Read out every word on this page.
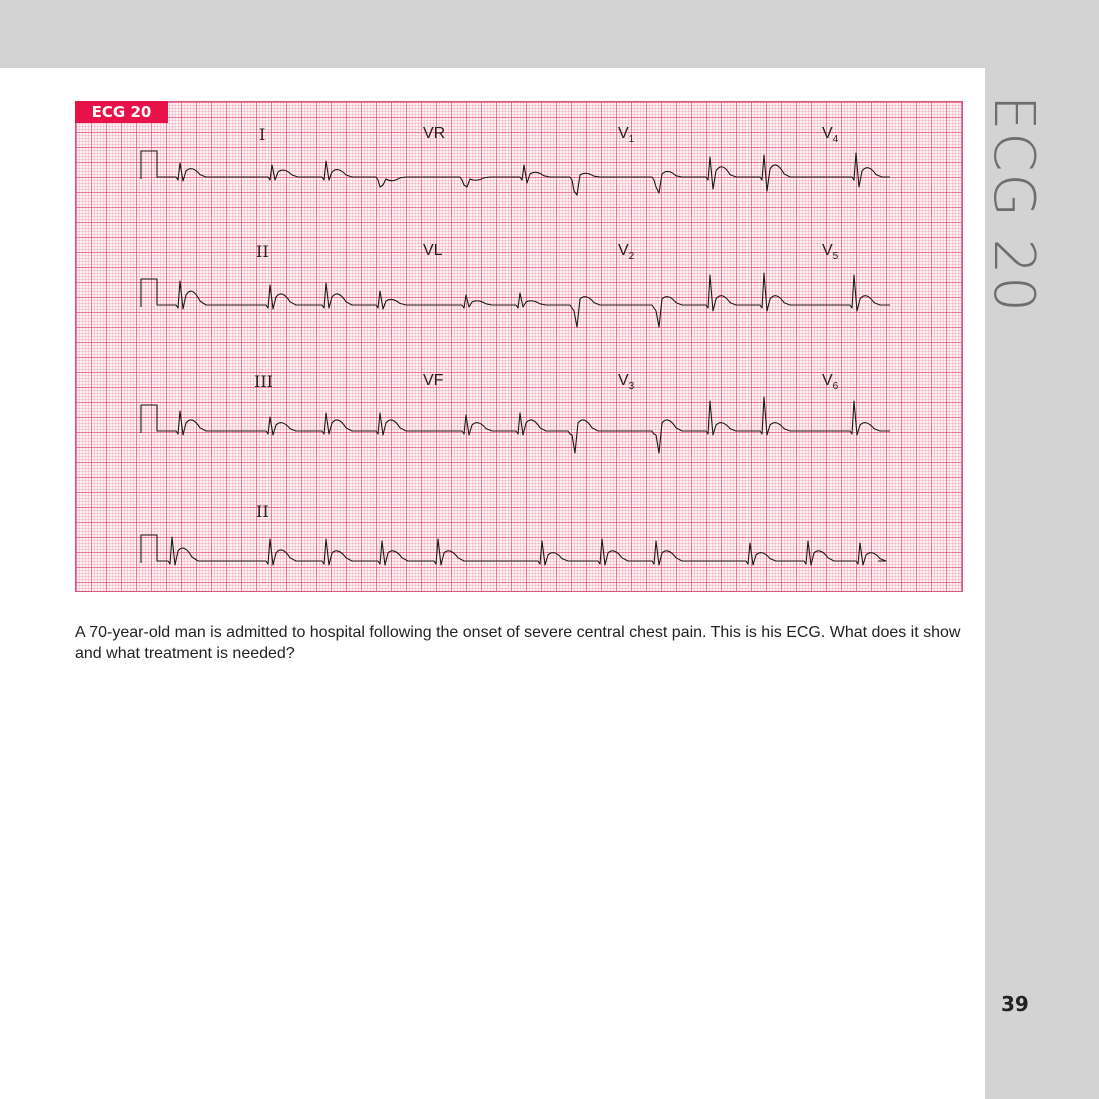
ECG 20
39
ECG 20
I	VR	$V_1$	$V_4$
II	VL	$V_2$	$V_5$
III	VF	$V_3$	$V_6$
II
A 70-year-old man is admitted to hospital following the onset of severe central chest pain. This is his ECG. What does it show and what treatment is needed?
